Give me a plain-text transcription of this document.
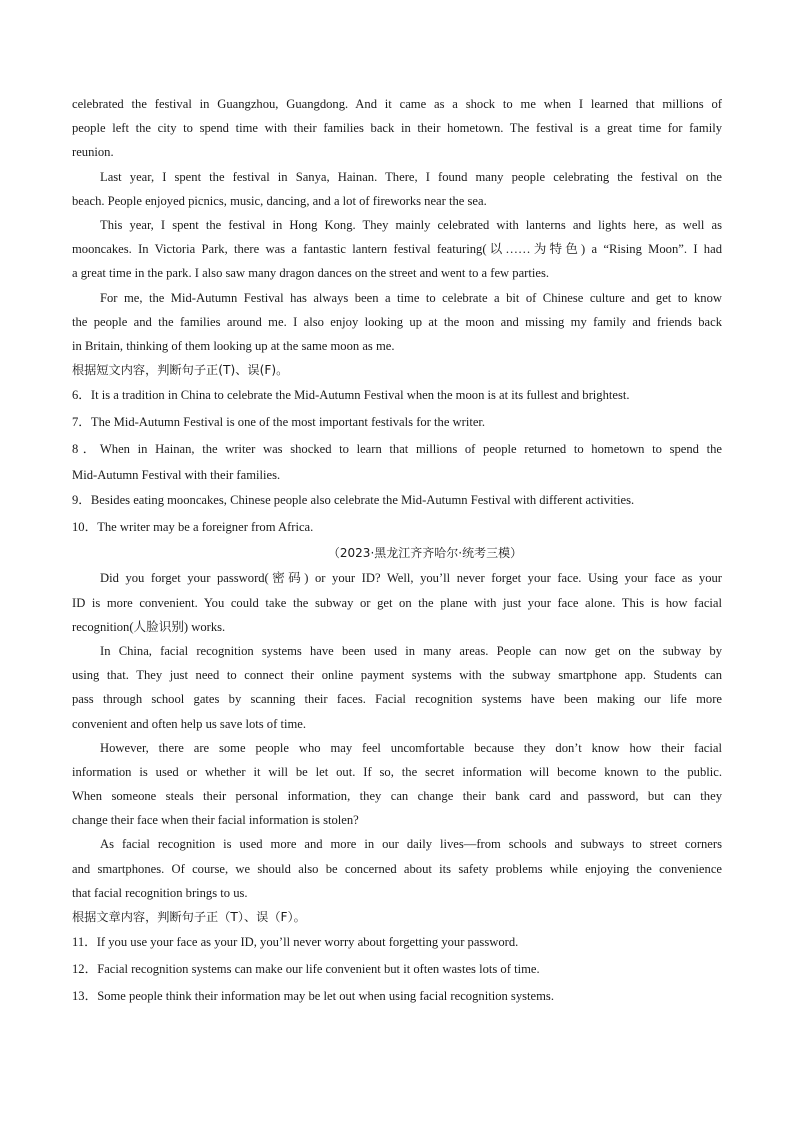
celebrated the festival in Guangzhou, Guangdong. And it came as a shock to me when I learned that millions of
people left the city to spend time with their families back in their hometown. The festival is a great time for family
reunion.
Last year, I spent the festival in Sanya, Hainan. There, I found many people celebrating the festival on the
beach. People enjoyed picnics, music, dancing, and a lot of fireworks near the sea.
This year, I spent the festival in Hong Kong. They mainly celebrated with lanterns and lights here, as well as
mooncakes. In Victoria Park, there was a fantastic lantern festival featuring(以……为特色) a “Rising Moon”. I had
a great time in the park. I also saw many dragon dances on the street and went to a few parties.
For me, the Mid-Autumn Festival has always been a time to celebrate a bit of Chinese culture and get to know
the people and the families around me. I also enjoy looking up at the moon and missing my family and friends back
in Britain, thinking of them looking up at the same moon as me.
根据短文内容，判断句子正(T)、误(F)。
6．It is a tradition in China to celebrate the Mid-Autumn Festival when the moon is at its fullest and brightest.
7．The Mid-Autumn Festival is one of the most important festivals for the writer.
8．When in Hainan, the writer was shocked to learn that millions of people returned to hometown to spend the
Mid-Autumn Festival with their families.
9．Besides eating mooncakes, Chinese people also celebrate the Mid-Autumn Festival with different activities.
10．The writer may be a foreigner from Africa.
（2023·黑龙江齐齐哈尔·统考三模）
Did you forget your password(密码) or your ID? Well, you’ll never forget your face. Using your face as your
ID is more convenient. You could take the subway or get on the plane with just your face alone. This is how facial
recognition(人脸识别) works.
In China, facial recognition systems have been used in many areas. People can now get on the subway by
using that. They just need to connect their online payment systems with the subway smartphone app. Students can
pass through school gates by scanning their faces. Facial recognition systems have been making our life more
convenient and often help us save lots of time.
However, there are some people who may feel uncomfortable because they don’t know how their facial
information is used or whether it will be let out. If so, the secret information will become known to the public.
When someone steals their personal information, they can change their bank card and password, but can they
change their face when their facial information is stolen?
As facial recognition is used more and more in our daily lives—from schools and subways to street corners
and smartphones. Of course, we should also be concerned about its safety problems while enjoying the convenience
that facial recognition brings to us.
根据文章内容，判断句子正（T）、误（F）。
11．If you use your face as your ID, you’ll never worry about forgetting your password.
12．Facial recognition systems can make our life convenient but it often wastes lots of time.
13．Some people think their information may be let out when using facial recognition systems.
